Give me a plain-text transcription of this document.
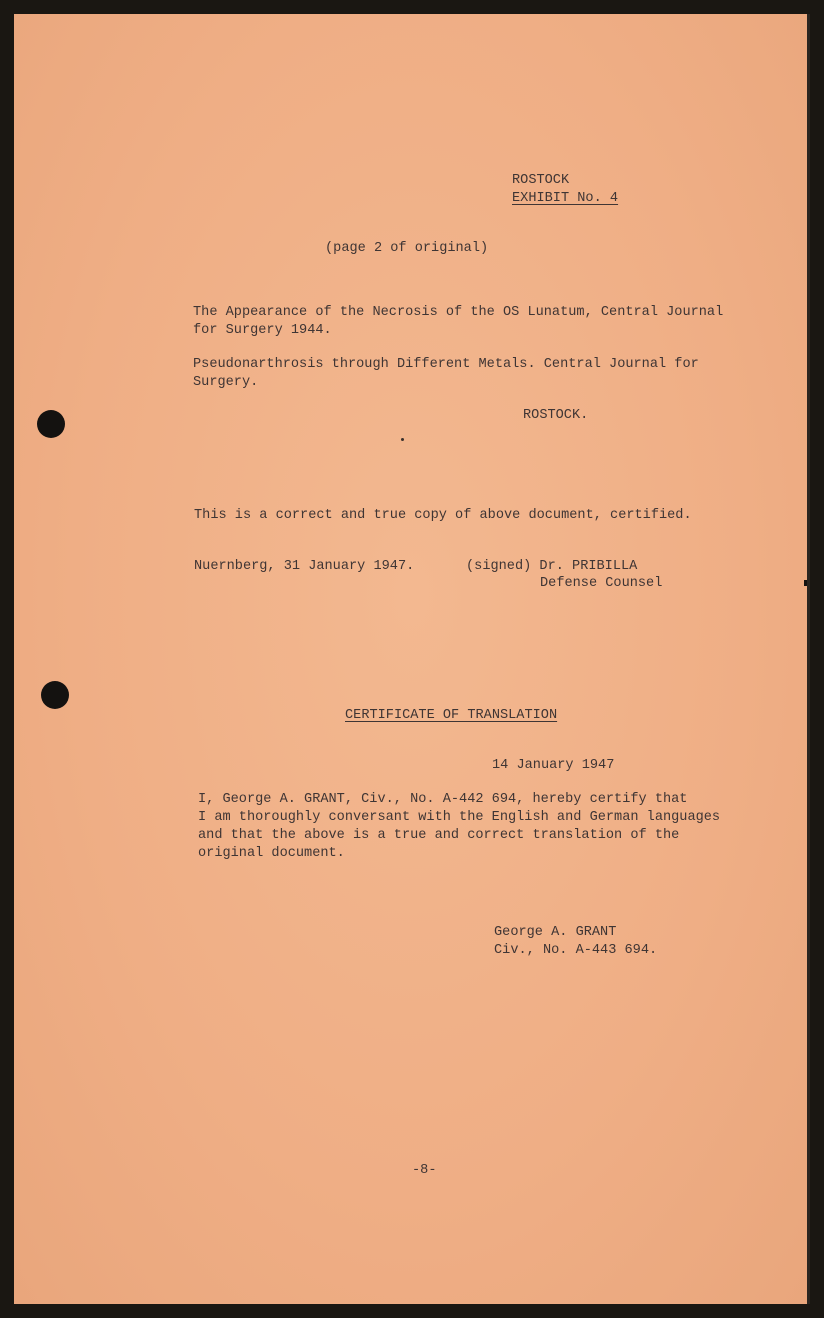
ROSTOCK

EXHIBIT No. 4

(page 2 of original)

The Appearance of the Necrosis of the OS Lunatum, Central Journal
for Surgery 1944.

Pseudonarthrosis through Different Metals. Central Journal for
Surgery.

ROSTOCK.

This is a correct and true copy of above document, certified.

Nuernberg, 31 January 1947.	(signed) Dr. PRIBILLA

Defense Counsel

CERTIFICATE OF TRANSLATION

14 January 1947

I, George A. GRANT, Civ., No. A-442 694, hereby certify that
I am thoroughly conversant with the English and German languages
and that the above is a true and correct translation of the
original document.

George A. GRANT

Civ., No. A-443 694.

-8-
